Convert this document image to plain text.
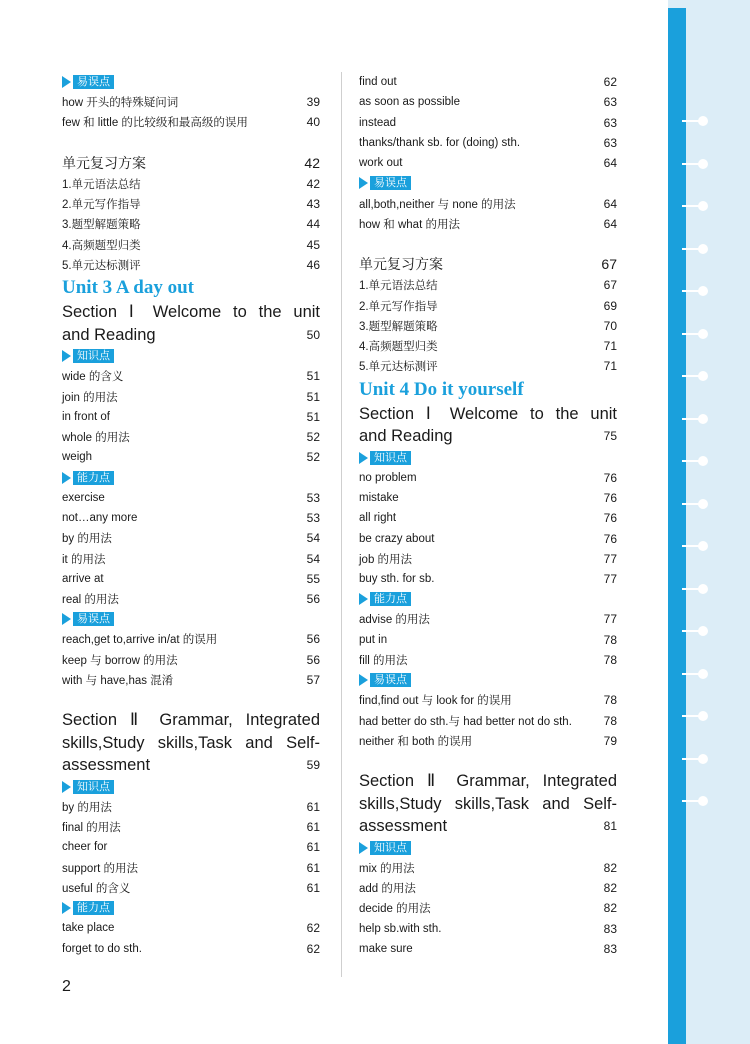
易误点
how 开头的特殊疑问词	39
few 和 little 的比较级和最高级的误用	40
单元复习方案	42
1.单元语法总结	42
2.单元写作指导	43
3.题型解题策略	44
4.高频题型归类	45
5.单元达标测评	46
Unit 3 A day out
Section Ⅰ Welcome to the unit
and Reading	50
知识点
wide 的含义	51
join 的用法	51
in front of	51
whole 的用法	52
weigh	52
能力点
exercise	53
not…any more	53
by 的用法	54
it 的用法	54
arrive at	55
real 的用法	56
易误点
reach,get to,arrive in/at 的误用	56
keep 与 borrow 的用法	56
with 与 have,has 混淆	57
Section Ⅱ Grammar, Integrated
skills,Study skills,Task and Self-
assessment	59
知识点
by 的用法	61
final 的用法	61
cheer for	61
support 的用法	61
useful 的含义	61
能力点
take place	62
forget to do sth.	62
find out	62
as soon as possible	63
instead	63
thanks/thank sb. for (doing) sth.	63
work out	64
易误点
all,both,neither 与 none 的用法	64
how 和 what 的用法	64
单元复习方案	67
1.单元语法总结	67
2.单元写作指导	69
3.题型解题策略	70
4.高频题型归类	71
5.单元达标测评	71
Unit 4 Do it yourself
Section Ⅰ Welcome to the unit
and Reading	75
知识点
no problem	76
mistake	76
all right	76
be crazy about	76
job 的用法	77
buy sth. for sb.	77
能力点
advise 的用法	77
put in	78
fill 的用法	78
易误点
find,find out 与 look for 的误用	78
had better do sth.与 had better not do sth.	78
neither 和 both 的误用	79
Section Ⅱ Grammar, Integrated
skills,Study skills,Task and Self-
assessment	81
知识点
mix 的用法	82
add 的用法	82
decide 的用法	82
help sb.with sth.	83
make sure	83
2
